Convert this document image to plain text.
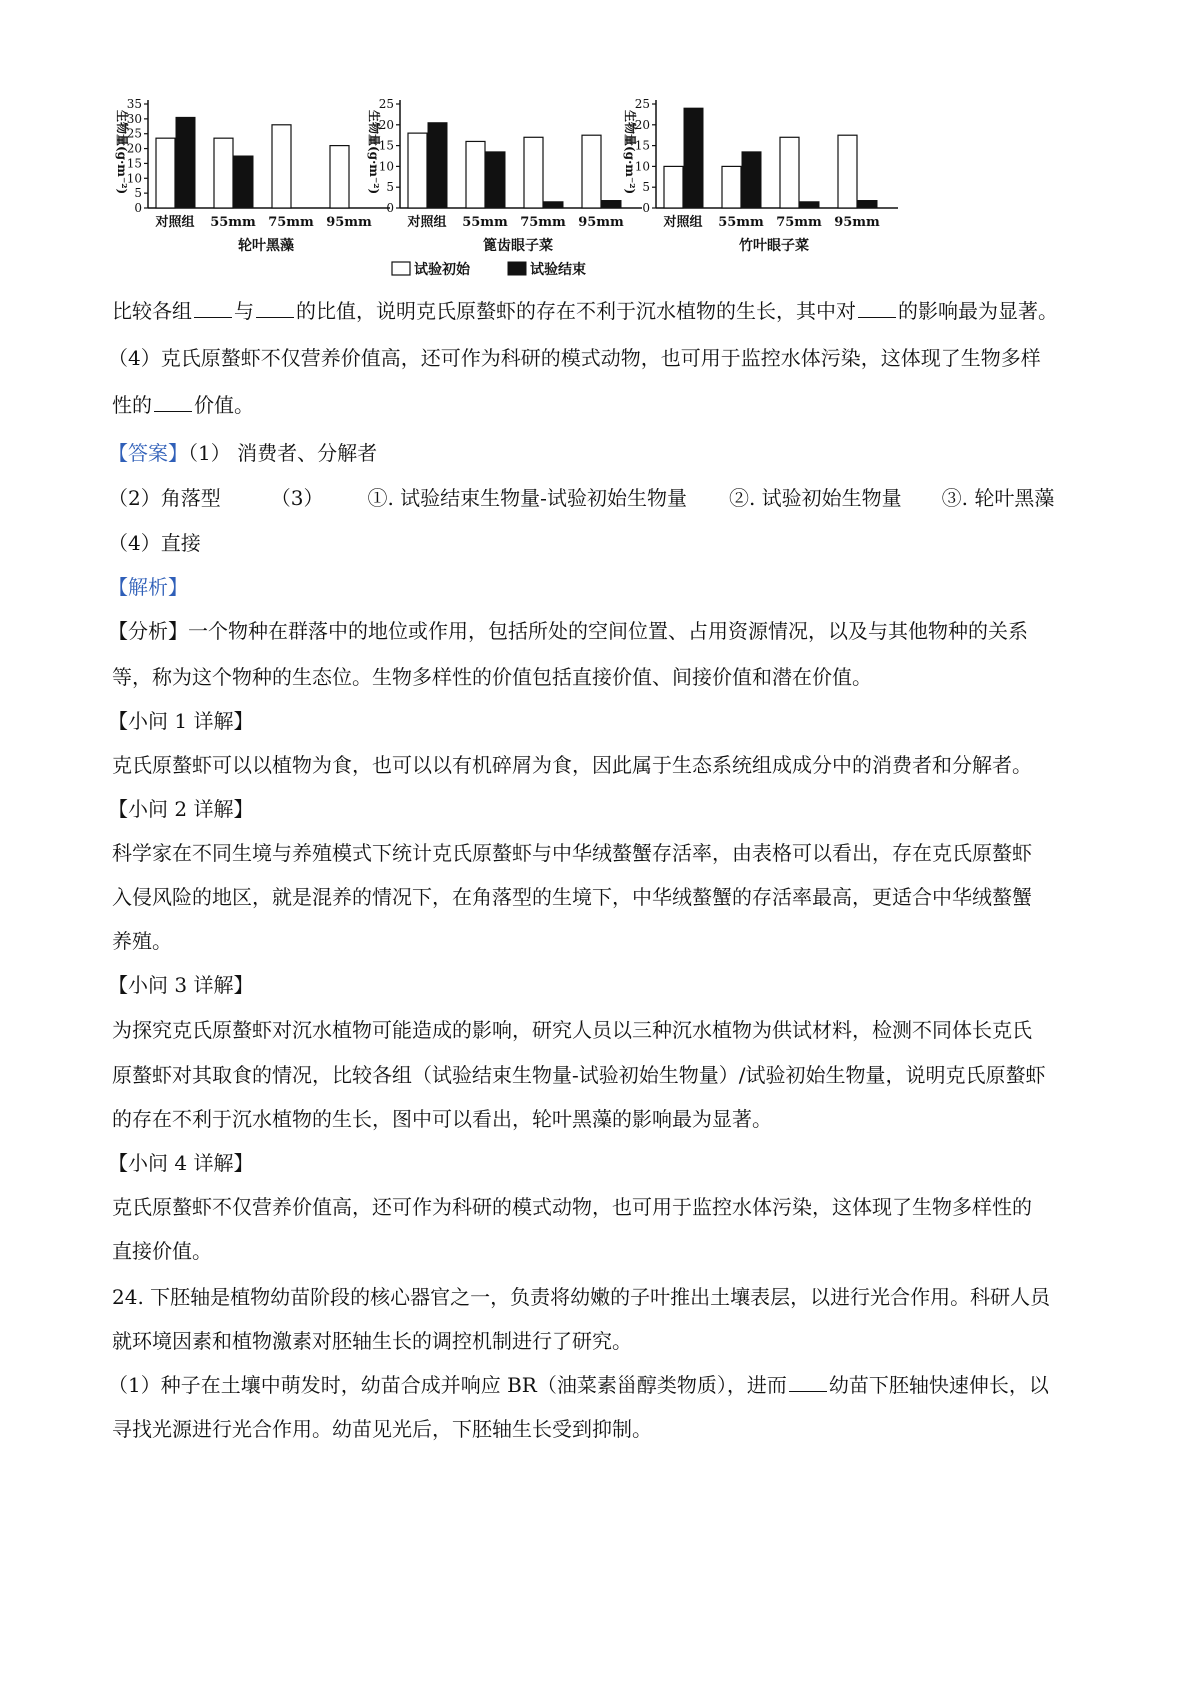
0
5
10
15
20
25
30
35
生物量(g·m⁻²)
对照组 55mm 75mm 95mm
轮叶黑藻
0
5
10
15
20
25
生物量(g·m⁻²)
对照组 55mm 75mm 95mm
篦齿眼子菜
0
5
10
15
20
25
生物量(g·m⁻²)
对照组 55mm 75mm 95mm
竹叶眼子菜
试验初始	试验结束
比较各组 与 的比值，说明克氏原螯虾的存在不利于沉水植物的生长，其中对 的影响最为显著。
（4）克氏原螯虾不仅营养价值高，还可作为科研的模式动物，也可用于监控水体污染，这体现了生物多样
性的 价值。
【答案】（1） 消费者、分解者
（2）角落型	（3） ①. 试验结束生物量-试验初始生物量 ②. 试验初始生物量 ③. 轮叶黑藻
（4）直接
【解析】
【分析】一个物种在群落中的地位或作用，包括所处的空间位置、占用资源情况，以及与其他物种的关系
等，称为这个物种的生态位。生物多样性的价值包括直接价值、间接价值和潜在价值。
【小问 1 详解】
克氏原螯虾可以以植物为食，也可以以有机碎屑为食，因此属于生态系统组成成分中的消费者和分解者。
【小问 2 详解】
科学家在不同生境与养殖模式下统计克氏原螯虾与中华绒螯蟹存活率，由表格可以看出，存在克氏原螯虾
入侵风险的地区，就是混养的情况下，在角落型的生境下，中华绒螯蟹的存活率最高，更适合中华绒螯蟹
养殖。
【小问 3 详解】
为探究克氏原螯虾对沉水植物可能造成的影响，研究人员以三种沉水植物为供试材料，检测不同体长克氏
原螯虾对其取食的情况，比较各组（试验结束生物量-试验初始生物量）/试验初始生物量，说明克氏原螯虾
的存在不利于沉水植物的生长，图中可以看出，轮叶黑藻的影响最为显著。
【小问 4 详解】
克氏原螯虾不仅营养价值高，还可作为科研的模式动物，也可用于监控水体污染，这体现了生物多样性的
直接价值。
24. 下胚轴是植物幼苗阶段的核心器官之一，负责将幼嫩的子叶推出土壤表层，以进行光合作用。科研人员
就环境因素和植物激素对胚轴生长的调控机制进行了研究。
（1）种子在土壤中萌发时，幼苗合成并响应 BR（油菜素甾醇类物质），进而 幼苗下胚轴快速伸长，以
寻找光源进行光合作用。幼苗见光后，下胚轴生长受到抑制。
